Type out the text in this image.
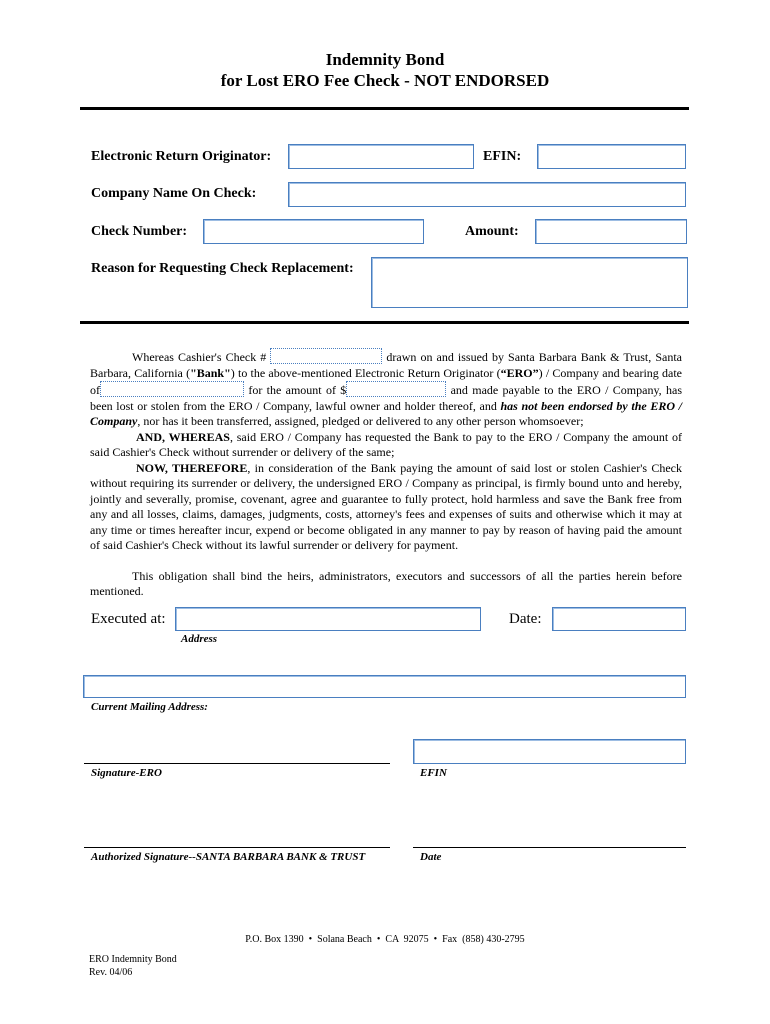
Indemnity Bond
for Lost ERO Fee Check - NOT ENDORSED
Electronic Return Originator:	EFIN:
Company Name On Check:
Check Number:	Amount:
Reason for Requesting Check Replacement:
Whereas Cashier's Check #	drawn on and issued by Santa Barbara Bank & Trust, Santa Barbara, California ("Bank") to the above-mentioned Electronic Return Originator (“ERO”) / Company and bearing date of	for the amount of $	and made payable to the ERO / Company, has been lost or stolen from the ERO / Company, lawful owner and holder thereof, and has not been endorsed by the ERO / Company, nor has it been transferred, assigned, pledged or delivered to any other person whomsoever;
AND, WHEREAS, said ERO / Company has requested the Bank to pay to the ERO / Company the amount of said Cashier's Check without surrender or delivery of the same;
NOW, THEREFORE, in consideration of the Bank paying the amount of said lost or stolen Cashier's Check without requiring its surrender or delivery, the undersigned ERO / Company as principal, is firmly bound unto and hereby, jointly and severally, promise, covenant, agree and guarantee to fully protect, hold harmless and save the Bank free from any and all losses, claims, damages, judgments, costs, attorney's fees and expenses of suits and otherwise which it may at any time or times hereafter incur, expend or become obligated in any manner to pay by reason of having paid the amount of said Cashier's Check without its lawful surrender or delivery for payment.
This obligation shall bind the heirs, administrators, executors and successors of all the parties herein before mentioned.
Executed at:	Date:
Address
Current Mailing Address:
Signature-ERO	EFIN
Authorized Signature--SANTA BARBARA BANK & TRUST	Date
P.O. Box 1390  •  Solana Beach  •  CA  92075  •  Fax  (858) 430-2795
ERO Indemnity Bond
Rev. 04/06
